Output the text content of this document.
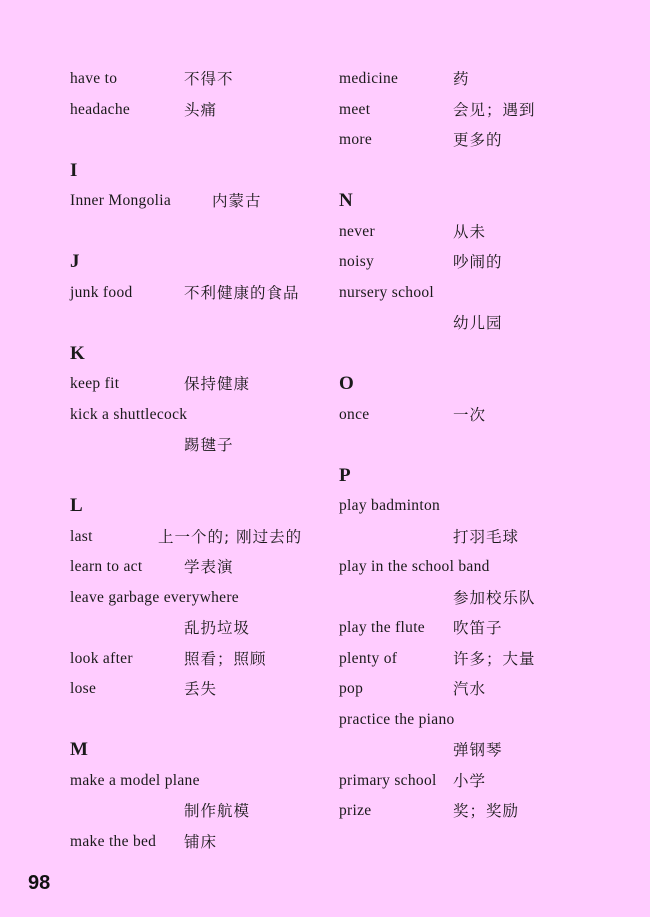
have to	不得不
headache	头痛
I
Inner Mongolia	内蒙古
J
junk food	不利健康的食品
K
keep fit	保持健康
kick a shuttlecock
踢毽子
L
last	上一个的; 刚过去的
learn to act	学表演
leave garbage everywhere
乱扔垃圾
look after	照看；照顾
lose	丢失
M
make a model plane
制作航模
make the bed 铺床
medicine	药
meet	会见；遇到
more	更多的
N
never	从未
noisy	吵闹的
nursery school
幼儿园
O
once	一次
P
play badminton
打羽毛球
play in the school band
参加校乐队
play the flute 吹笛子
plenty of	许多；大量
pop	汽水
practice the piano
弹钢琴
primary school 小学
prize	奖；奖励
98
